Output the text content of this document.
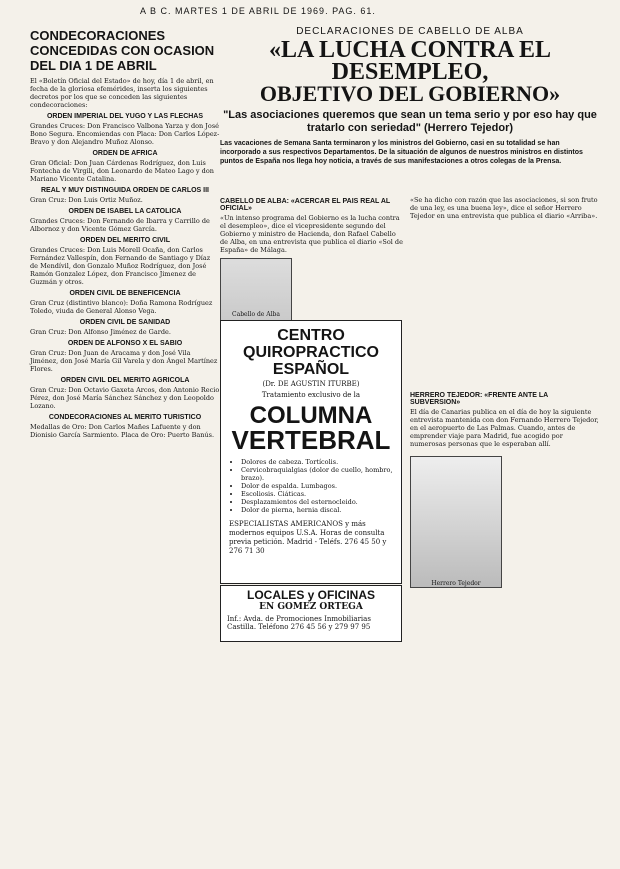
A B C. MARTES 1 DE ABRIL DE 1969. PAG. 61.
CONDECORACIONES CONCEDIDAS CON OCASION DEL DIA 1 DE ABRIL

El «Boletín Oficial del Estado» de hoy, día 1 de abril, en fecha de la gloriosa efemérides, inserta los siguientes decretos por los que se conceden las siguientes condecoraciones:

ORDEN IMPERIAL DEL YUGO Y LAS FLECHAS

Grandes Cruces: Don Francisco Valbona Yarza y don José Bono Segura. Encomiendas con Placa: Don Carlos López-Bravo y don Alejandro Muñoz Alonso.

ORDEN DE AFRICA

Gran Oficial: Don Juan Cárdenas Rodríguez, don Luis Fontecha de Virgili, don Leonardo de Mateo Lago y don Mariano Vicente Catalina.

REAL Y MUY DISTINGUIDA ORDEN DE CARLOS III

Gran Cruz: Don Luis Ortiz Muñoz.

ORDEN DE ISABEL LA CATOLICA

Grandes Cruces: Don Fernando de Ibarra y Carrillo de Albornoz y don Vicente Gómez García.

ORDEN DEL MERITO CIVIL

Grandes Cruces: Don Luis Morell Ocaña, don Carlos Fernández Vallespín, don Fernando de Santiago y Díaz de Mendívil, don Gonzalo Muñoz Rodríguez, don José Ramón Gonzalez López, don Francisco Jimenez de Guzmán y otros.

ORDEN CIVIL DE BENEFICENCIA

Gran Cruz (distintivo blanco): Doña Ramona Rodríguez Toledo, viuda de General Alonso Vega.

ORDEN CIVIL DE SANIDAD

Gran Cruz: Don Alfonso Jiménez de Garde.

ORDEN DE ALFONSO X EL SABIO

Gran Cruz: Don Juan de Aracama y don José Vila Jiménez, don José María Gil Varela y don Ángel Martínez Flores.

ORDEN CIVIL DEL MERITO AGRICOLA

Gran Cruz: Don Octavio Gaxeta Arcos, don Antonio Recio Pérez, don José María Sánchez Sánchez y don Leopoldo Lozano.

CONDECORACIONES AL MERITO TURISTICO

Medallas de Oro: Don Carlos Mañes Lafuente y don Dionisio García Sarmiento. Placa de Oro: Puerto Banús.

DECLARACIONES DE CABELLO DE ALBA
«LA LUCHA CONTRA EL DESEMPLEO,
OBJETIVO DEL GOBIERNO»
"Las asociaciones queremos que sean un tema serio y por eso hay que tratarlo con seriedad" (Herrero Tejedor)
Las vacaciones de Semana Santa terminaron y los ministros del Gobierno, casi en su totalidad se han incorporado a sus respectivos Departamentos. De la situación de algunos de nuestros ministros en distintos puntos de España nos llega hoy noticia, a través de sus manifestaciones a otros colegas de la Prensa.
CABELLO DE ALBA: «ACERCAR EL PAIS REAL AL OFICIAL»
«Un intenso programa del Gobierno es la lucha contra el desempleo», dice el vicepresidente segundo del Gobierno y ministro de Hacienda, don Rafael Cabello de Alba, en una entrevista que publica el diario «Sol de España» de Málaga.
Cabello de Alba
«Se ha dicho con razón que las asociaciones, si son fruto de una ley, es una buena ley», dice el señor Herrero Tejedor en una entrevista que publica el diario «Arriba».
CENTRO
QUIROPRACTICO
ESPAÑOL
(Dr. DE AGUSTIN ITURBE)
Tratamiento exclusivo de la
COLUMNA
VERTEBRAL
• Dolores de cabeza. Tortícolis.
• Cervicobraquialgias (dolor de cuello, hombro, brazo).
• Dolor de espalda. Lumbagos.
• Escoliosis. Ciáticas.
• Desplazamientos del esternocleido.
• Dolor de pierna, hernia discal.
ESPECIALISTAS AMERICANOS y más modernos equipos U.S.A. Horas de consulta previa petición. Madrid - Teléfs. 276 45 50 y 276 71 30
LOCALES y OFICINAS
EN GOMEZ ORTEGA
Inf.: Avda. de Promociones Inmobiliarias Castilla. Teléfono 276 45 56 y 279 97 95
HERRERO TEJEDOR: «FRENTE ANTE LA SUBVERSION»
El día de Canarias publica en el día de hoy la siguiente entrevista mantenida con don Fernando Herrero Tejedor, en el aeropuerto de Las Palmas. Cuando, antes de emprender viaje para Madrid, fue acogido por numerosas personas que le esperaban allí.
Herrero Tejedor
